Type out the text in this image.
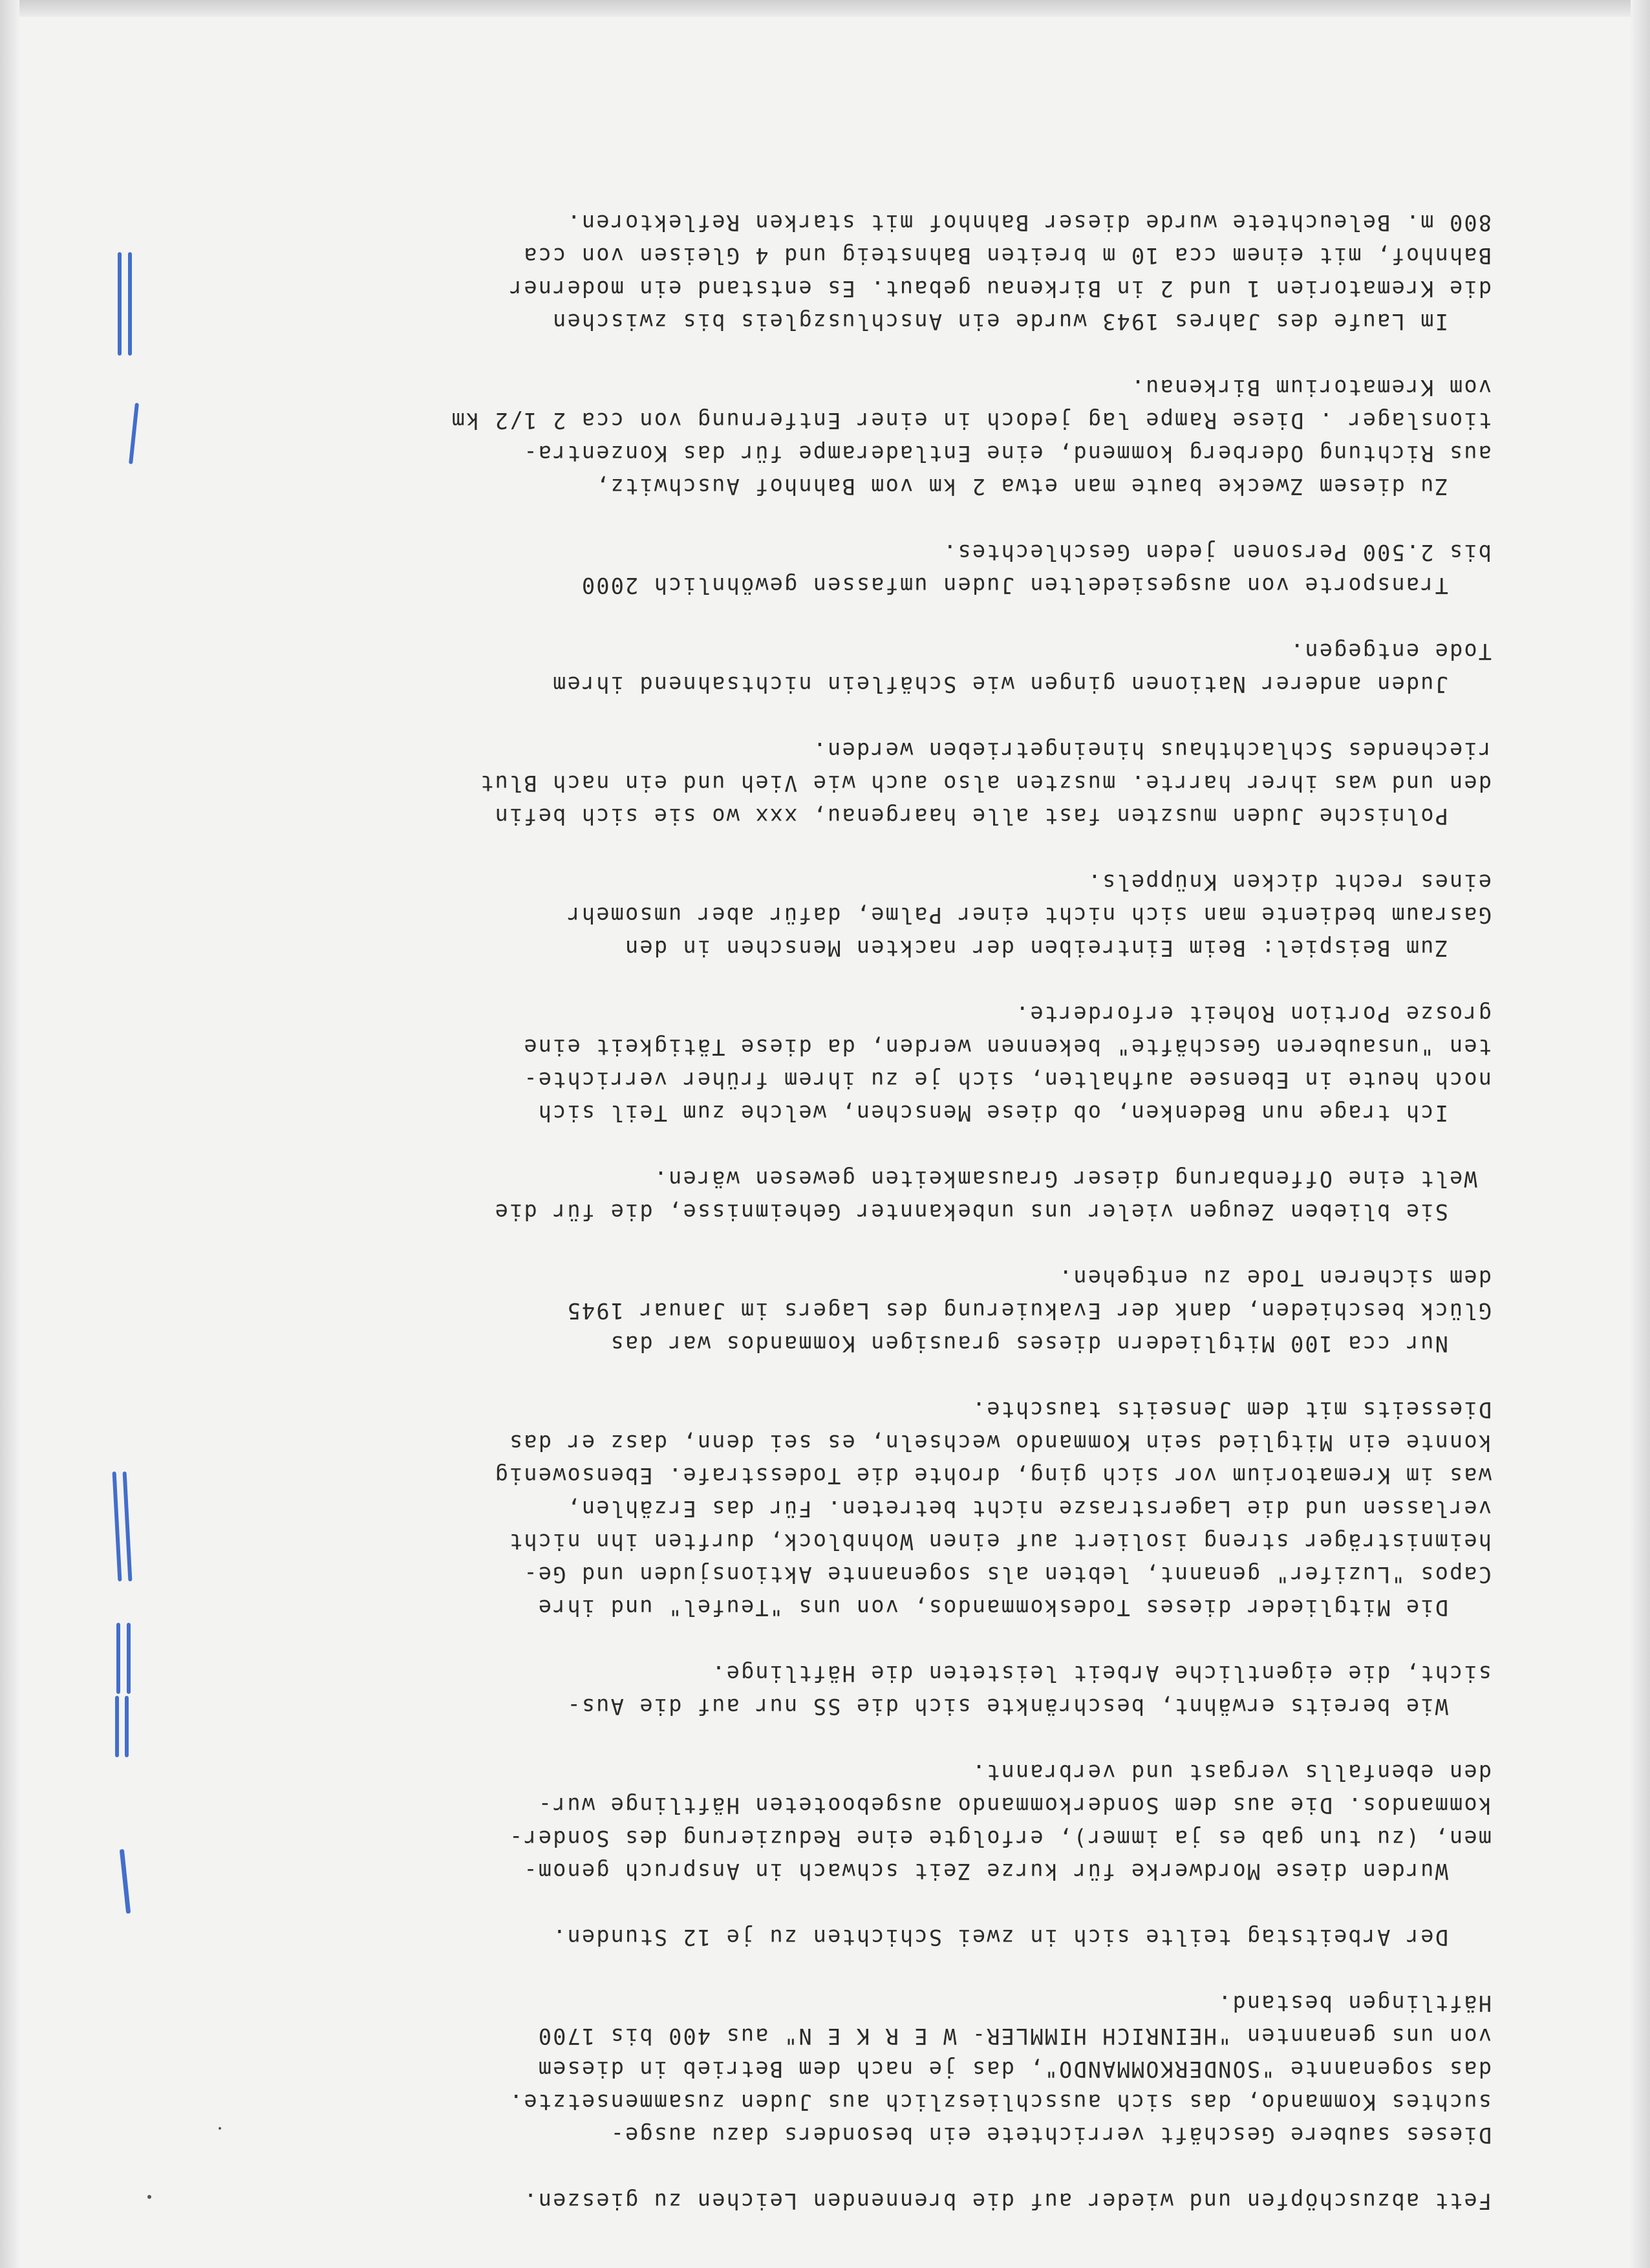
Fett abzuschöpfen und wieder auf die brennenden Leichen zu gieszen.
Dieses saubere Geschäft verrichtete ein besonders dazu ausge-
suchtes Kommando, das sich ausschlieszlich aus Juden zusammensetzte.
das sogenannte "SONDERKOMMANDO", das je nach dem Betrieb in diesem
von uns genannten "HEINRICH HIMMLER- W E R K E N" aus 400 bis 1700
Häftlingen bestand.
Der Arbeitstag teilte sich in zwei Schichten zu je 12 Stunden.
Wurden diese Mordwerke für kurze Zeit schwach in Anspruch genom-
men, (zu tun gab es ja immer), erfolgte eine Reduzierung des Sonder-
kommandos. Die aus dem Sonderkommando ausgebooteten Häftlinge wur-
den ebenfalls vergast und verbrannt.
Wie bereits erwähnt, beschränkte sich die SS nur auf die Aus-
sicht, die eigentliche Arbeit leisteten die Häftlinge.
Die Mitglieder dieses Todeskommandos, von uns "Teufel" und ihre
Capos "Luzifer" genannt, lebten als sogenannte Aktionsjuden und Ge-
heimnisträger streng isoliert auf einen Wohnblock, durften ihn nicht
verlassen und die Lagerstrasze nicht betreten. Für das Erzählen,
was im Krematorium vor sich ging, drohte die Todesstrafe. Ebensowenig
konnte ein Mitglied sein Kommando wechseln, es sei denn, dasz er das
Diesseits mit dem Jenseits tauschte.
Nur cca 100 Mitgliedern dieses grausigen Kommandos war das
Glück beschieden, dank der Evakuierung des Lagers im Januar 1945
dem sicheren Tode zu entgehen.
Sie blieben Zeugen vieler uns unbekannter Geheimnisse, die für die
Welt eine Offenbarung dieser Grausamkeiten gewesen wären.
Ich trage nun Bedenken, ob diese Menschen, welche zum Teil sich
noch heute in Ebensee aufhalten, sich je zu ihrem früher verrichte-
ten "unsauberen Geschäfte" bekennen werden, da diese Tätigkeit eine
grosze Portion Roheit erforderte.
Zum Beispiel: Beim Eintreiben der nackten Menschen in den
Gasraum bediente man sich nicht einer Palme, dafür aber umsomehr
eines recht dicken Knüppels.
Polnische Juden muszten fast alle haargenau, xxx wo sie sich befin
den und was ihrer harrte. muszten also auch wie Vieh und ein nach Blut
riechendes Schlachthaus hineingetrieben werden.
Juden anderer Nationen gingen wie Schäflein nichtsahnend ihrem
Tode entgegen.
Transporte von ausgesiedelten Juden umfassen gewöhnlich 2000
bis 2.500 Personen jeden Geschlechtes.
Zu diesem Zwecke baute man etwa 2 km vom Bahnhof Auschwitz,
aus Richtung Oderberg kommend, eine Entladerampe für das Konzentra-
tionslager . Diese Rampe lag jedoch in einer Entfernung von cca 2 1/2 km
vom Krematorium Birkenau.
Im Laufe des Jahres 1943 wurde ein Anschluszgleis bis zwischen
die Krematorien 1 und 2 in Birkenau gebaut. Es entstand ein moderner
Bahnhof, mit einem cca 10 m breiten Bahnsteig und 4 Gleisen von cca
800 m. Beleuchtete wurde dieser Bahnhof mit starken Reflektoren.
